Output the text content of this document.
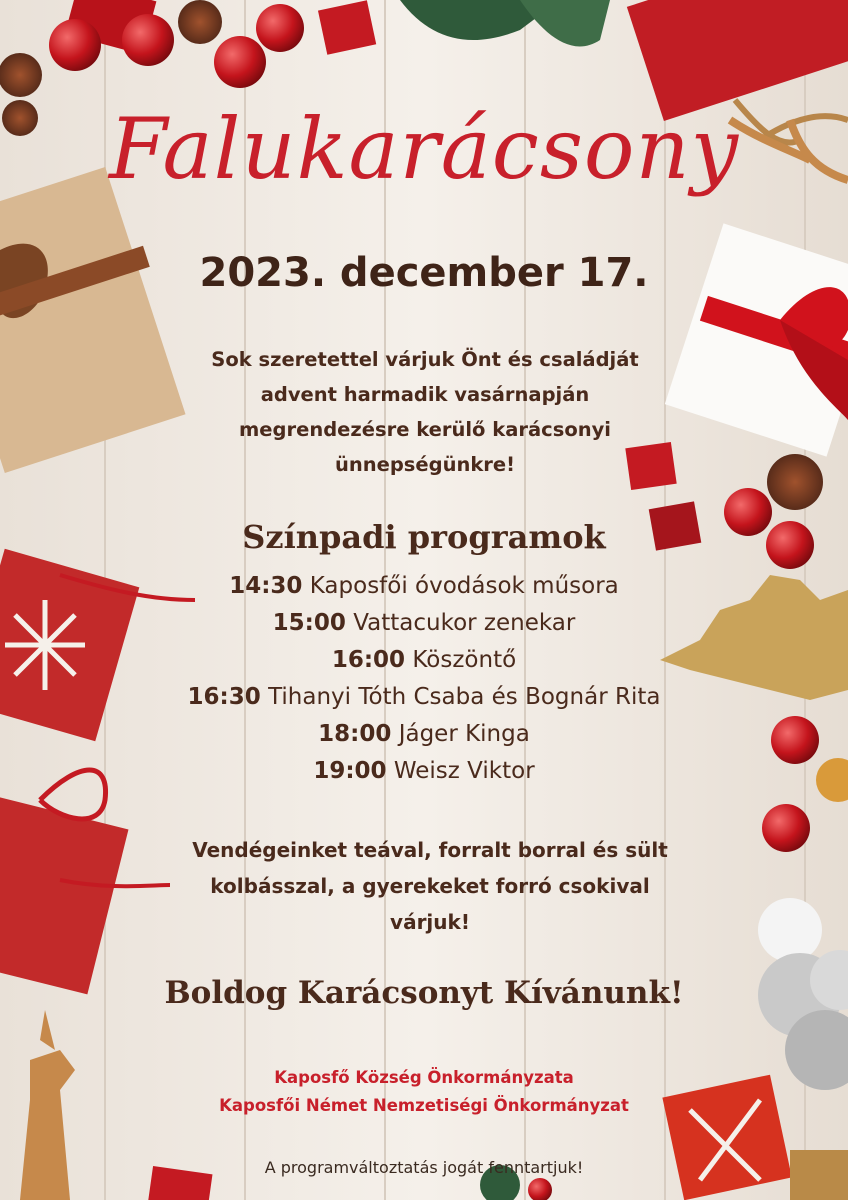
Falukarácsony
2023. december 17.
Sok szeretettel várjuk Önt és családját advent harmadik vasárnapján megrendezésre kerülő karácsonyi ünnepségünkre!
Színpadi programok
14:30 Kaposfői óvodások műsora
15:00 Vattacukor zenekar
16:00 Köszöntő
16:30 Tihanyi Tóth Csaba és Bognár Rita
18:00 Jáger Kinga
19:00 Weisz Viktor
Vendégeinket teával, forralt borral és sült kolbásszal, a gyerekeket forró csokival várjuk!
Boldog Karácsonyt Kívánunk!
Kaposfő Község Önkormányzata
Kaposfői Német Nemzetiségi Önkormányzat
A programváltoztatás jogát fenntartjuk!
